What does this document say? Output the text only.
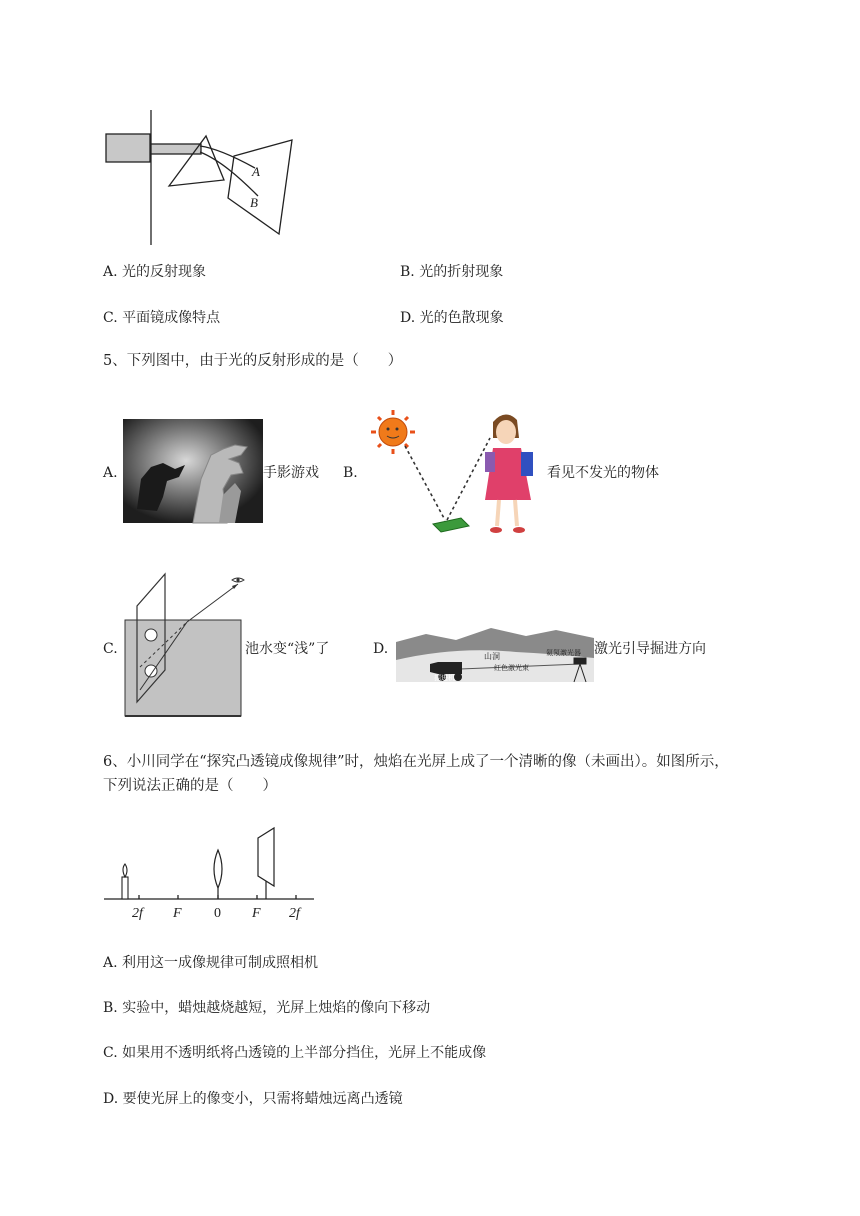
A
B
A. 光的反射现象	B. 光的折射现象
C. 平面镜成像特点	D. 光的色散现象
5、下列图中，由于光的反射形成的是（　　）
A.	手影游戏 B.	看见不发光的物体
C.	池水变“浅”了	D.	山洞	氦氖激光器
红色激光束
掘进机
激光引导掘进方向
6、小川同学在“探究凸透镜成像规律”时，烛焰在光屏上成了一个清晰的像（未画出）。如图所示，
下列说法正确的是（　　）
2f F 0 F 2f
A. 利用这一成像规律可制成照相机
B. 实验中，蜡烛越烧越短，光屏上烛焰的像向下移动
C. 如果用不透明纸将凸透镜的上半部分挡住，光屏上不能成像
D. 要使光屏上的像变小，只需将蜡烛远离凸透镜
